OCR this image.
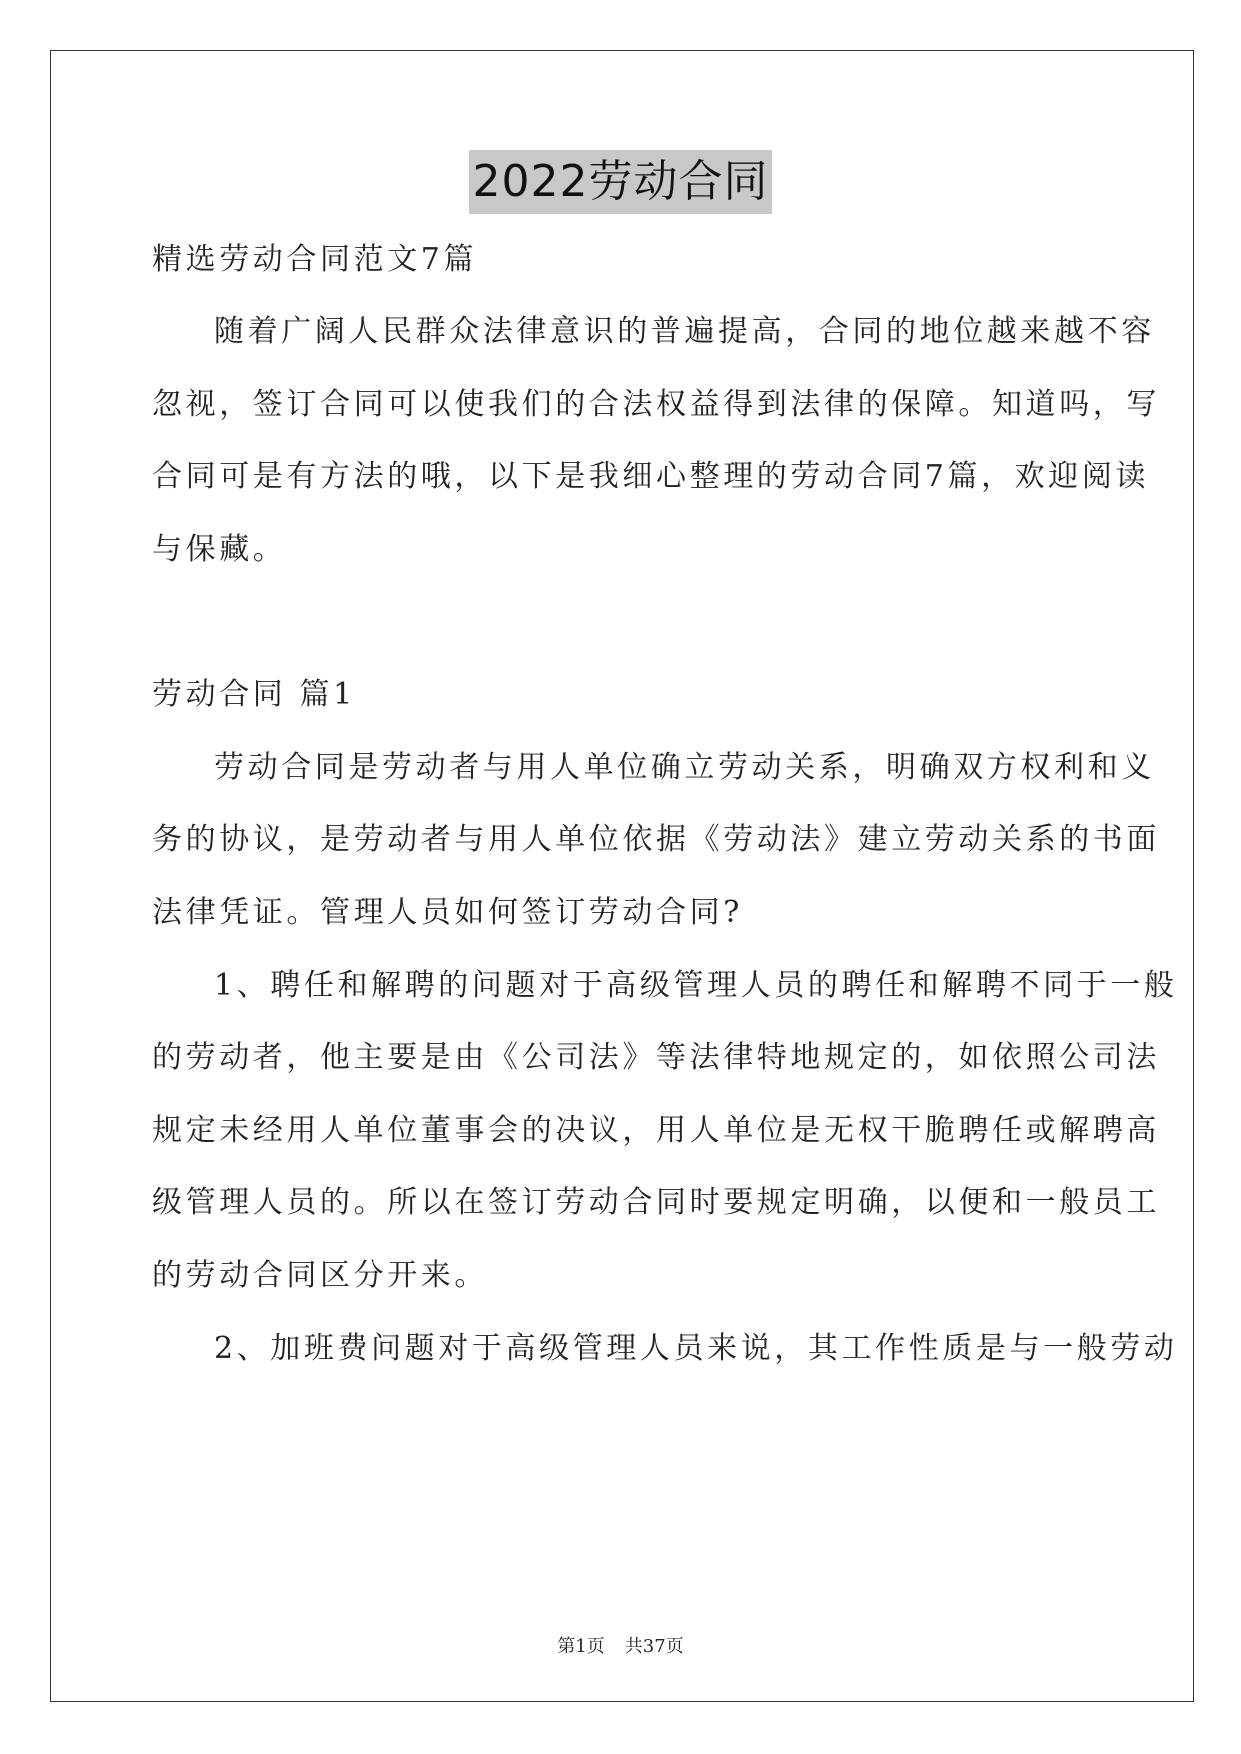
2022劳动合同
精选劳动合同范文7篇
随着广阔人民群众法律意识的普遍提高，合同的地位越来越不容
忽视，签订合同可以使我们的合法权益得到法律的保障。知道吗，写
合同可是有方法的哦，以下是我细心整理的劳动合同7篇，欢迎阅读
与保藏。
劳动合同 篇1
劳动合同是劳动者与用人单位确立劳动关系，明确双方权利和义
务的协议，是劳动者与用人单位依据《劳动法》建立劳动关系的书面
法律凭证。管理人员如何签订劳动合同?
1、聘任和解聘的问题对于高级管理人员的聘任和解聘不同于一般
的劳动者，他主要是由《公司法》等法律特地规定的，如依照公司法
规定未经用人单位董事会的决议，用人单位是无权干脆聘任或解聘高
级管理人员的。所以在签订劳动合同时要规定明确，以便和一般员工
的劳动合同区分开来。
2、加班费问题对于高级管理人员来说，其工作性质是与一般劳动
第1页 共37页
